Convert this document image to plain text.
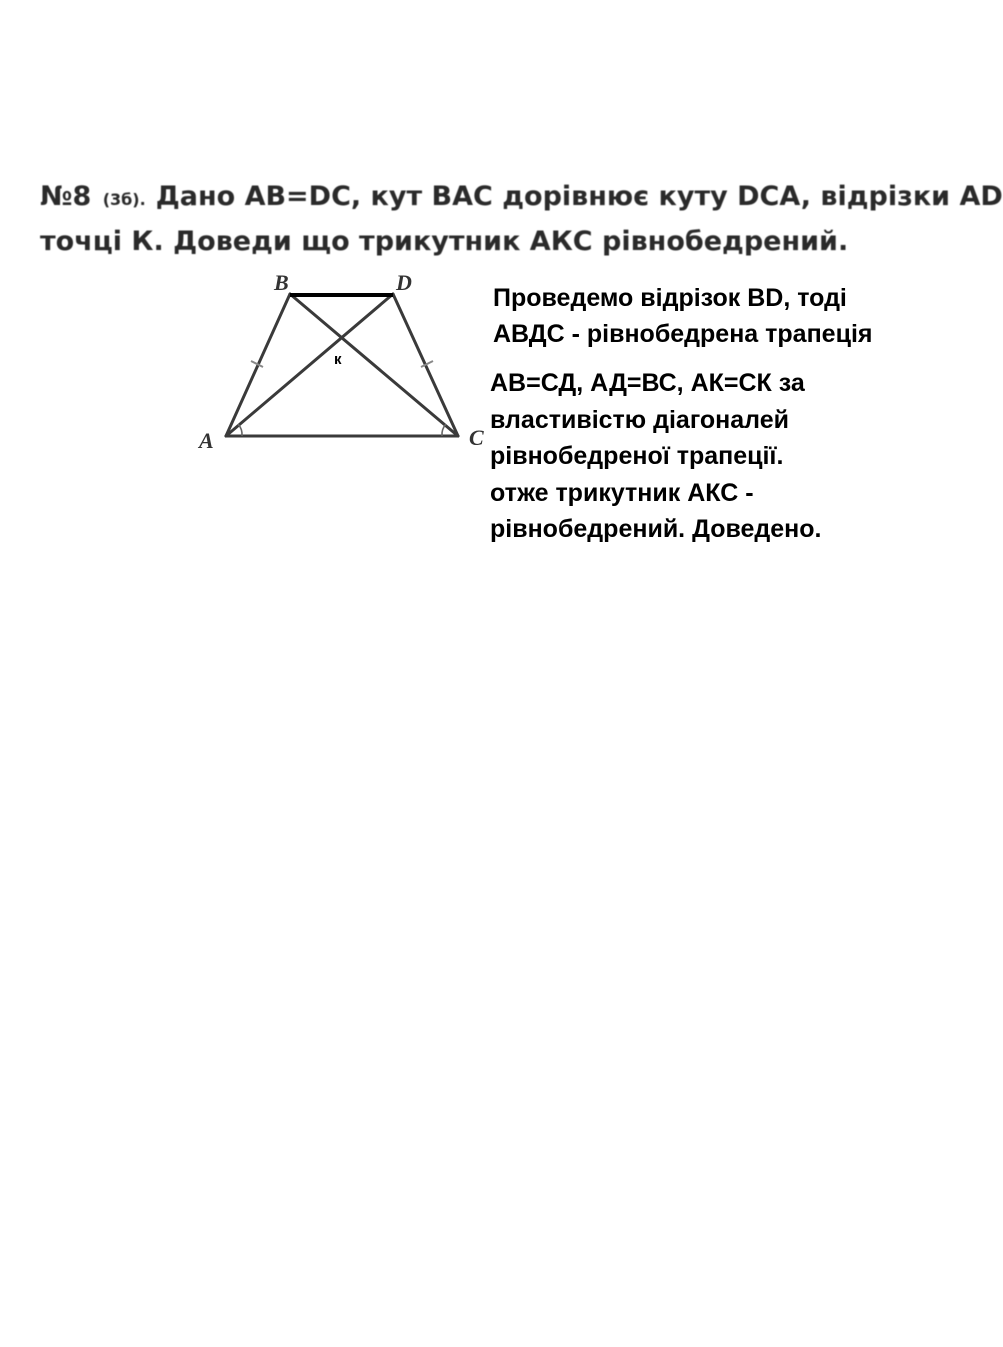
№8 (3б). Дано AB=DC, кут BAC дорівнює куту DCA, відрізки AD
точці К. Доведи що трикутник АКС рівнобедрений.
A
B
C
D
к
Проведемо відрізок BD, тоді
АВДС - рівнобедрена трапеція
АВ=СД, АД=ВС, АК=СК за
властивістю діагоналей
рівнобедреної трапеції.
отже трикутник АКС -
рівнобедрений. Доведено.
